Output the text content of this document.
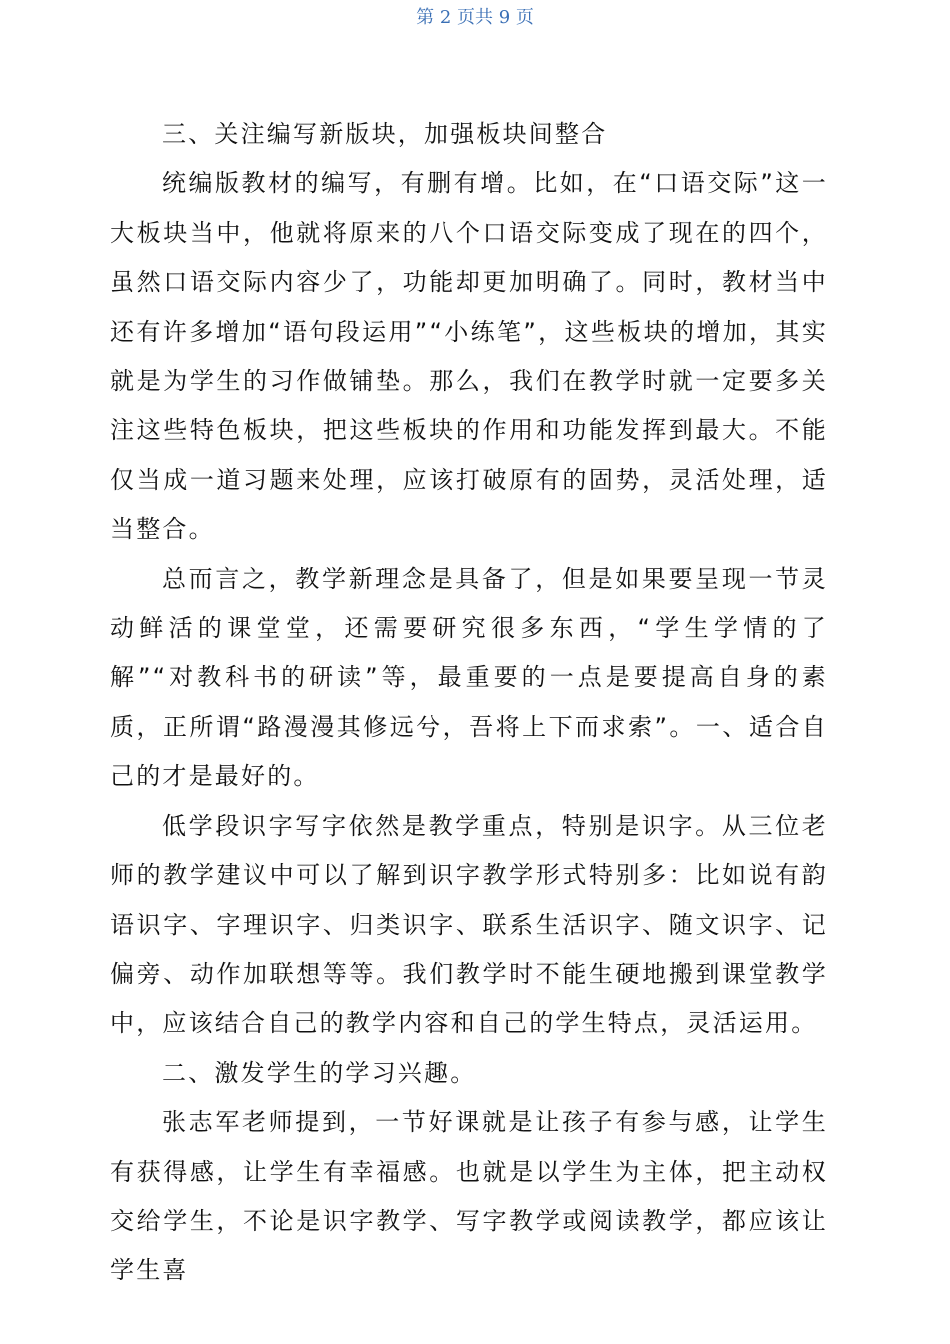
第 2 页共 9 页

三、关注编写新版块，加强板块间整合

统编版教材的编写，有删有增。比如，在“口语交际”这一大板块当中，他就将原来的八个口语交际变成了现在的四个，虽然口语交际内容少了，功能却更加明确了。同时，教材当中还有许多增加“语句段运用”“小练笔”，这些板块的增加，其实就是为学生的习作做铺垫。那么，我们在教学时就一定要多关注这些特色板块，把这些板块的作用和功能发挥到最大。不能仅当成一道习题来处理，应该打破原有的固势，灵活处理，适当整合。

总而言之，教学新理念是具备了，但是如果要呈现一节灵动鲜活的课堂堂，还需要研究很多东西，“学生学情的了解”“对教科书的研读”等，最重要的一点是要提高自身的素质，正所谓“路漫漫其修远兮，吾将上下而求索”。一、适合自己的才是最好的。

低学段识字写字依然是教学重点，特别是识字。从三位老师的教学建议中可以了解到识字教学形式特别多：比如说有韵语识字、字理识字、归类识字、联系生活识字、随文识字、记偏旁、动作加联想等等。我们教学时不能生硬地搬到课堂教学中，应该结合自己的教学内容和自己的学生特点，灵活运用。

二、激发学生的学习兴趣。

张志军老师提到，一节好课就是让孩子有参与感，让学生有获得感，让学生有幸福感。也就是以学生为主体，把主动权交给学生，不论是识字教学、写字教学或阅读教学，都应该让学生喜
